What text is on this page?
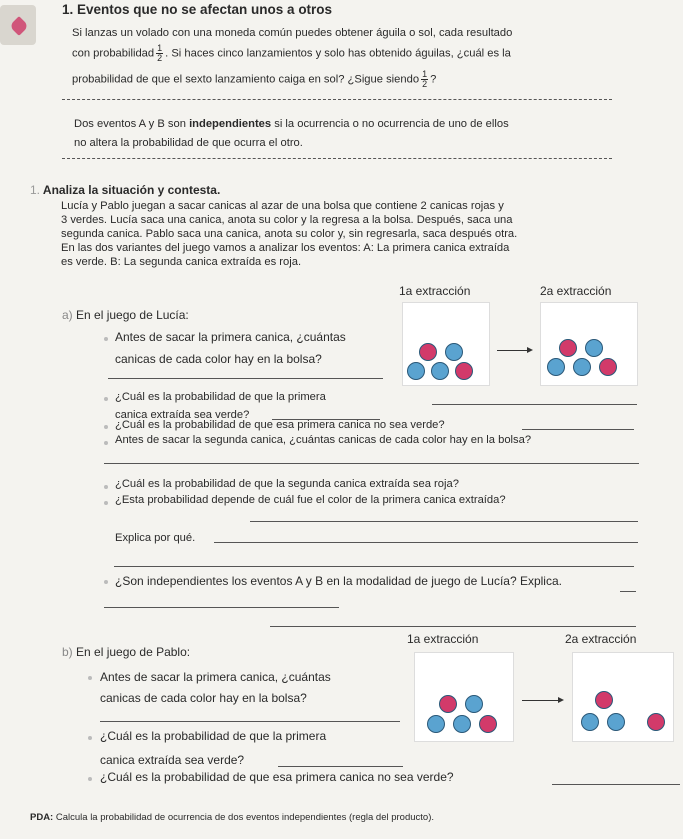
1. Eventos que no se afectan unos a otros
Si lanzas un volado con una moneda común puedes obtener águila o sol, cada resultado
con probabilidad $\frac{1}{2}$ . Si haces cinco lanzamientos y solo has obtenido águilas, ¿cuál es la
probabilidad de que el sexto lanzamiento caiga en sol? ¿Sigue siendo $\frac{1}{2}$ ?
Dos eventos A y B son independientes si la ocurrencia o no ocurrencia de uno de ellos
no altera la probabilidad de que ocurra el otro.
1. Analiza la situación y contesta.
Lucía y Pablo juegan a sacar canicas al azar de una bolsa que contiene 2 canicas rojas y
3 verdes. Lucía saca una canica, anota su color y la regresa a la bolsa. Después, saca una
segunda canica. Pablo saca una canica, anota su color y, sin regresarla, saca después otra.
En las dos variantes del juego vamos a analizar los eventos: A: La primera canica extraída
es verde. B: La segunda canica extraída es roja.
1a extracción	2a extracción
a) En el juego de Lucía:
Antes de sacar la primera canica, ¿cuántas
canicas de cada color hay en la bolsa?
¿Cuál es la probabilidad de que la primera
canica extraída sea verde?
¿Cuál es la probabilidad de que esa primera canica no sea verde?
Antes de sacar la segunda canica, ¿cuántas canicas de cada color hay en la bolsa?
¿Cuál es la probabilidad de que la segunda canica extraída sea roja?
¿Esta probabilidad depende de cuál fue el color de la primera canica extraída?
Explica por qué.
¿Son independientes los eventos A y B en la modalidad de juego de Lucía? Explica.
1a extracción	2a extracción
b) En el juego de Pablo:
Antes de sacar la primera canica, ¿cuántas
canicas de cada color hay en la bolsa?
¿Cuál es la probabilidad de que la primera
canica extraída sea verde?
¿Cuál es la probabilidad de que esa primera canica no sea verde?
PDA: Calcula la probabilidad de ocurrencia de dos eventos independientes (regla del producto).
